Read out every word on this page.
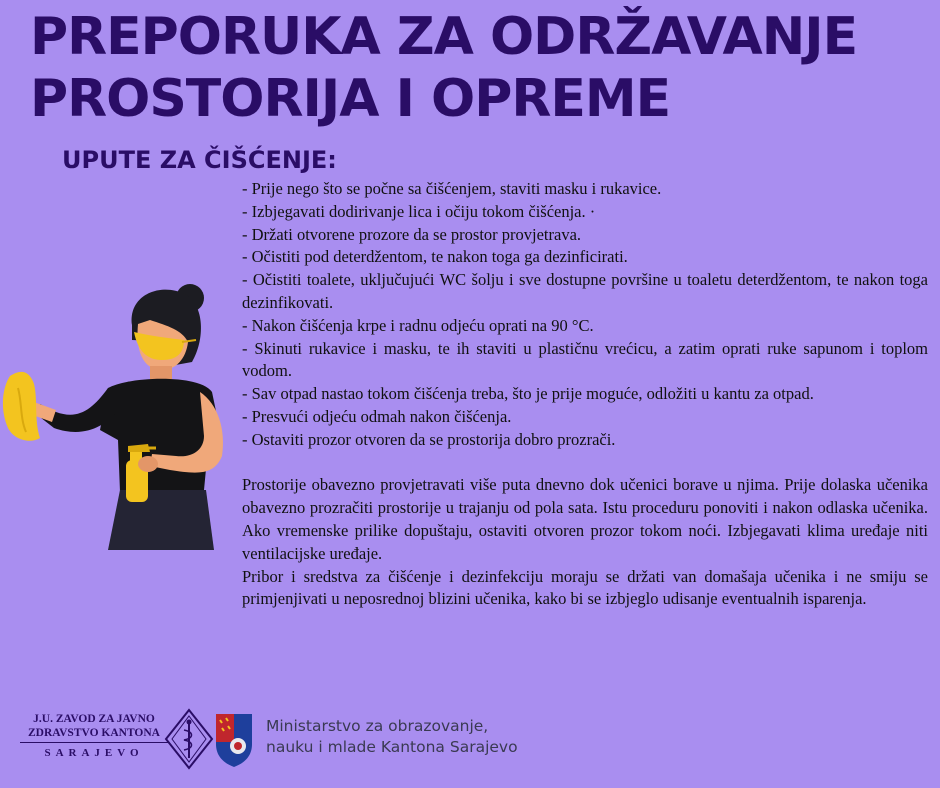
PREPORUKA ZA ODRŽAVANJE
PROSTORIJA I OPREME
UPUTE ZA ČIŠĆENJE:
- Prije nego što se počne sa čišćenjem, staviti masku i rukavice.
- Izbjegavati dodirivanje lica i očiju tokom čišćenja. ·
- Držati otvorene prozore da se prostor provjetrava.
- Očistiti pod deterdžentom, te nakon toga ga dezinficirati.
- Očistiti toalete, uključujući WC šolju i sve dostupne površine u toaletu deterdžentom, te nakon toga dezinfikovati.
- Nakon čišćenja krpe i radnu odjeću oprati na 90 °C.
- Skinuti rukavice i masku, te ih staviti u plastičnu vrećicu, a zatim oprati ruke sapunom i toplom vodom.
- Sav otpad nastao tokom čišćenja treba, što je prije moguće, odložiti u kantu za otpad.
- Presvući odjeću odmah nakon čišćenja.
- Ostaviti prozor otvoren da se prostorija dobro prozrači.

Prostorije obavezno provjetravati više puta dnevno dok učenici borave u njima. Prije dolaska učenika obavezno prozračiti prostorije u trajanju od pola sata. Istu proceduru ponoviti i nakon odlaska učenika. Ako vremenske prilike dopuštaju, ostaviti otvoren prozor tokom noći. Izbjegavati klima uređaje niti ventilacijske uređaje.

Pribor i sredstva za čišćenje i dezinfekciju moraju se držati van domašaja učenika i ne smiju se primjenjivati u neposrednoj blizini učenika, kako bi se izbjeglo udisanje eventualnih isparenja.

J.U. ZAVOD ZA JAVNO
ZDRAVSTVO KANTONA
SARAJEVO
Ministarstvo za obrazovanje,
nauku i mlade Kantona Sarajevo
